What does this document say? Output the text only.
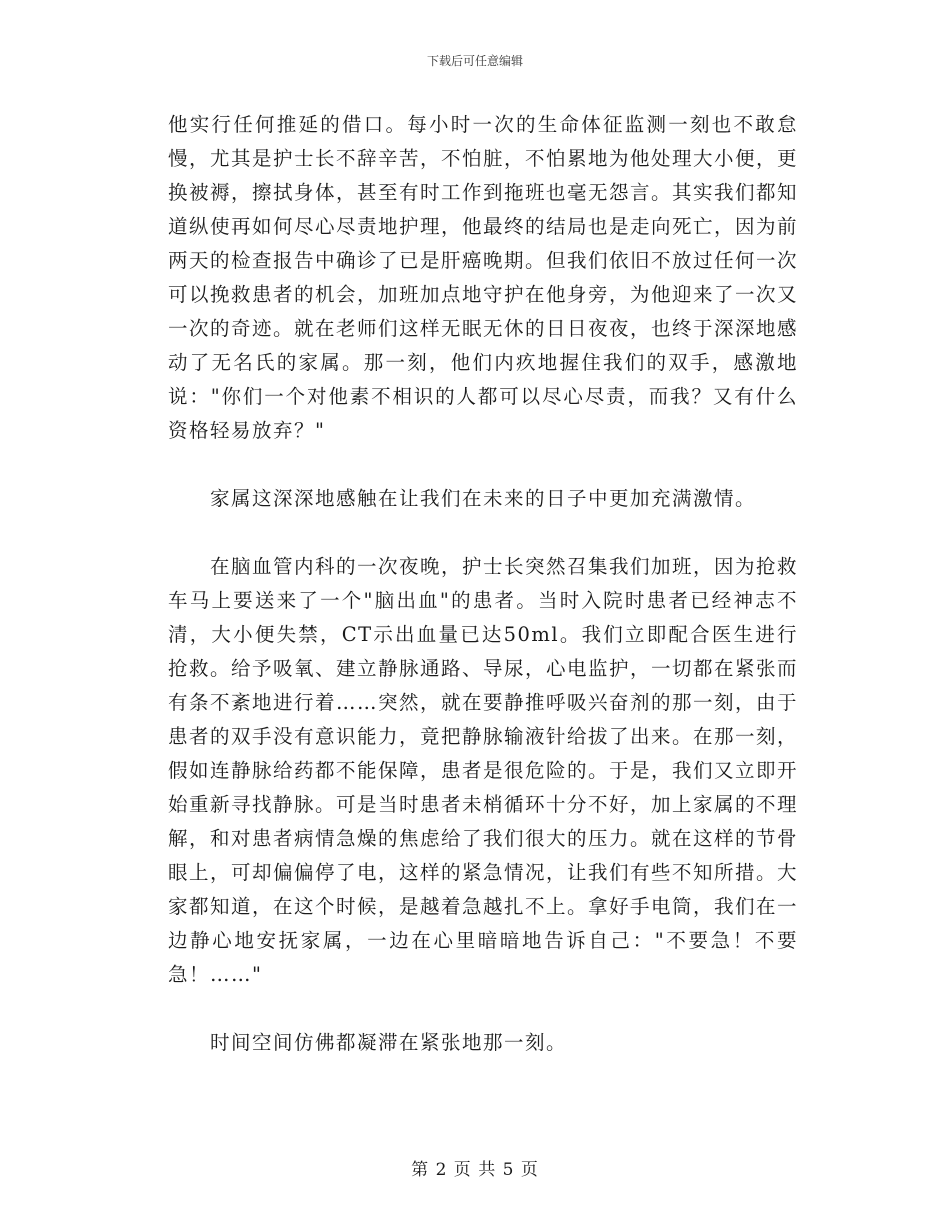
下载后可任意编辑

他实行任何推延的借口。每小时一次的生命体征监测一刻也不敢怠慢，尤其是护士长不辞辛苦，不怕脏，不怕累地为他处理大小便，更换被褥，擦拭身体，甚至有时工作到拖班也毫无怨言。其实我们都知道纵使再如何尽心尽责地护理，他最终的结局也是走向死亡，因为前两天的检查报告中确诊了已是肝癌晚期。但我们依旧不放过任何一次可以挽救患者的机会，加班加点地守护在他身旁，为他迎来了一次又一次的奇迹。就在老师们这样无眠无休的日日夜夜，也终于深深地感动了无名氏的家属。那一刻，他们内疚地握住我们的双手，感激地说："你们一个对他素不相识的人都可以尽心尽责，而我？又有什么资格轻易放弃？"

家属这深深地感触在让我们在未来的日子中更加充满激情。

在脑血管内科的一次夜晚，护士长突然召集我们加班，因为抢救车马上要送来了一个"脑出血"的患者。当时入院时患者已经神志不清，大小便失禁，CT示出血量已达50ml。我们立即配合医生进行抢救。给予吸氧、建立静脉通路、导尿，心电监护，一切都在紧张而有条不紊地进行着……突然，就在要静推呼吸兴奋剂的那一刻，由于患者的双手没有意识能力，竟把静脉输液针给拔了出来。在那一刻，假如连静脉给药都不能保障，患者是很危险的。于是，我们又立即开始重新寻找静脉。可是当时患者未梢循环十分不好，加上家属的不理解，和对患者病情急燥的焦虑给了我们很大的压力。就在这样的节骨眼上，可却偏偏停了电，这样的紧急情况，让我们有些不知所措。大家都知道，在这个时候，是越着急越扎不上。拿好手电筒，我们在一边静心地安抚家属，一边在心里暗暗地告诉自己："不要急！不要急！……"

时间空间仿佛都凝滞在紧张地那一刻。

第 2 页 共 5 页
